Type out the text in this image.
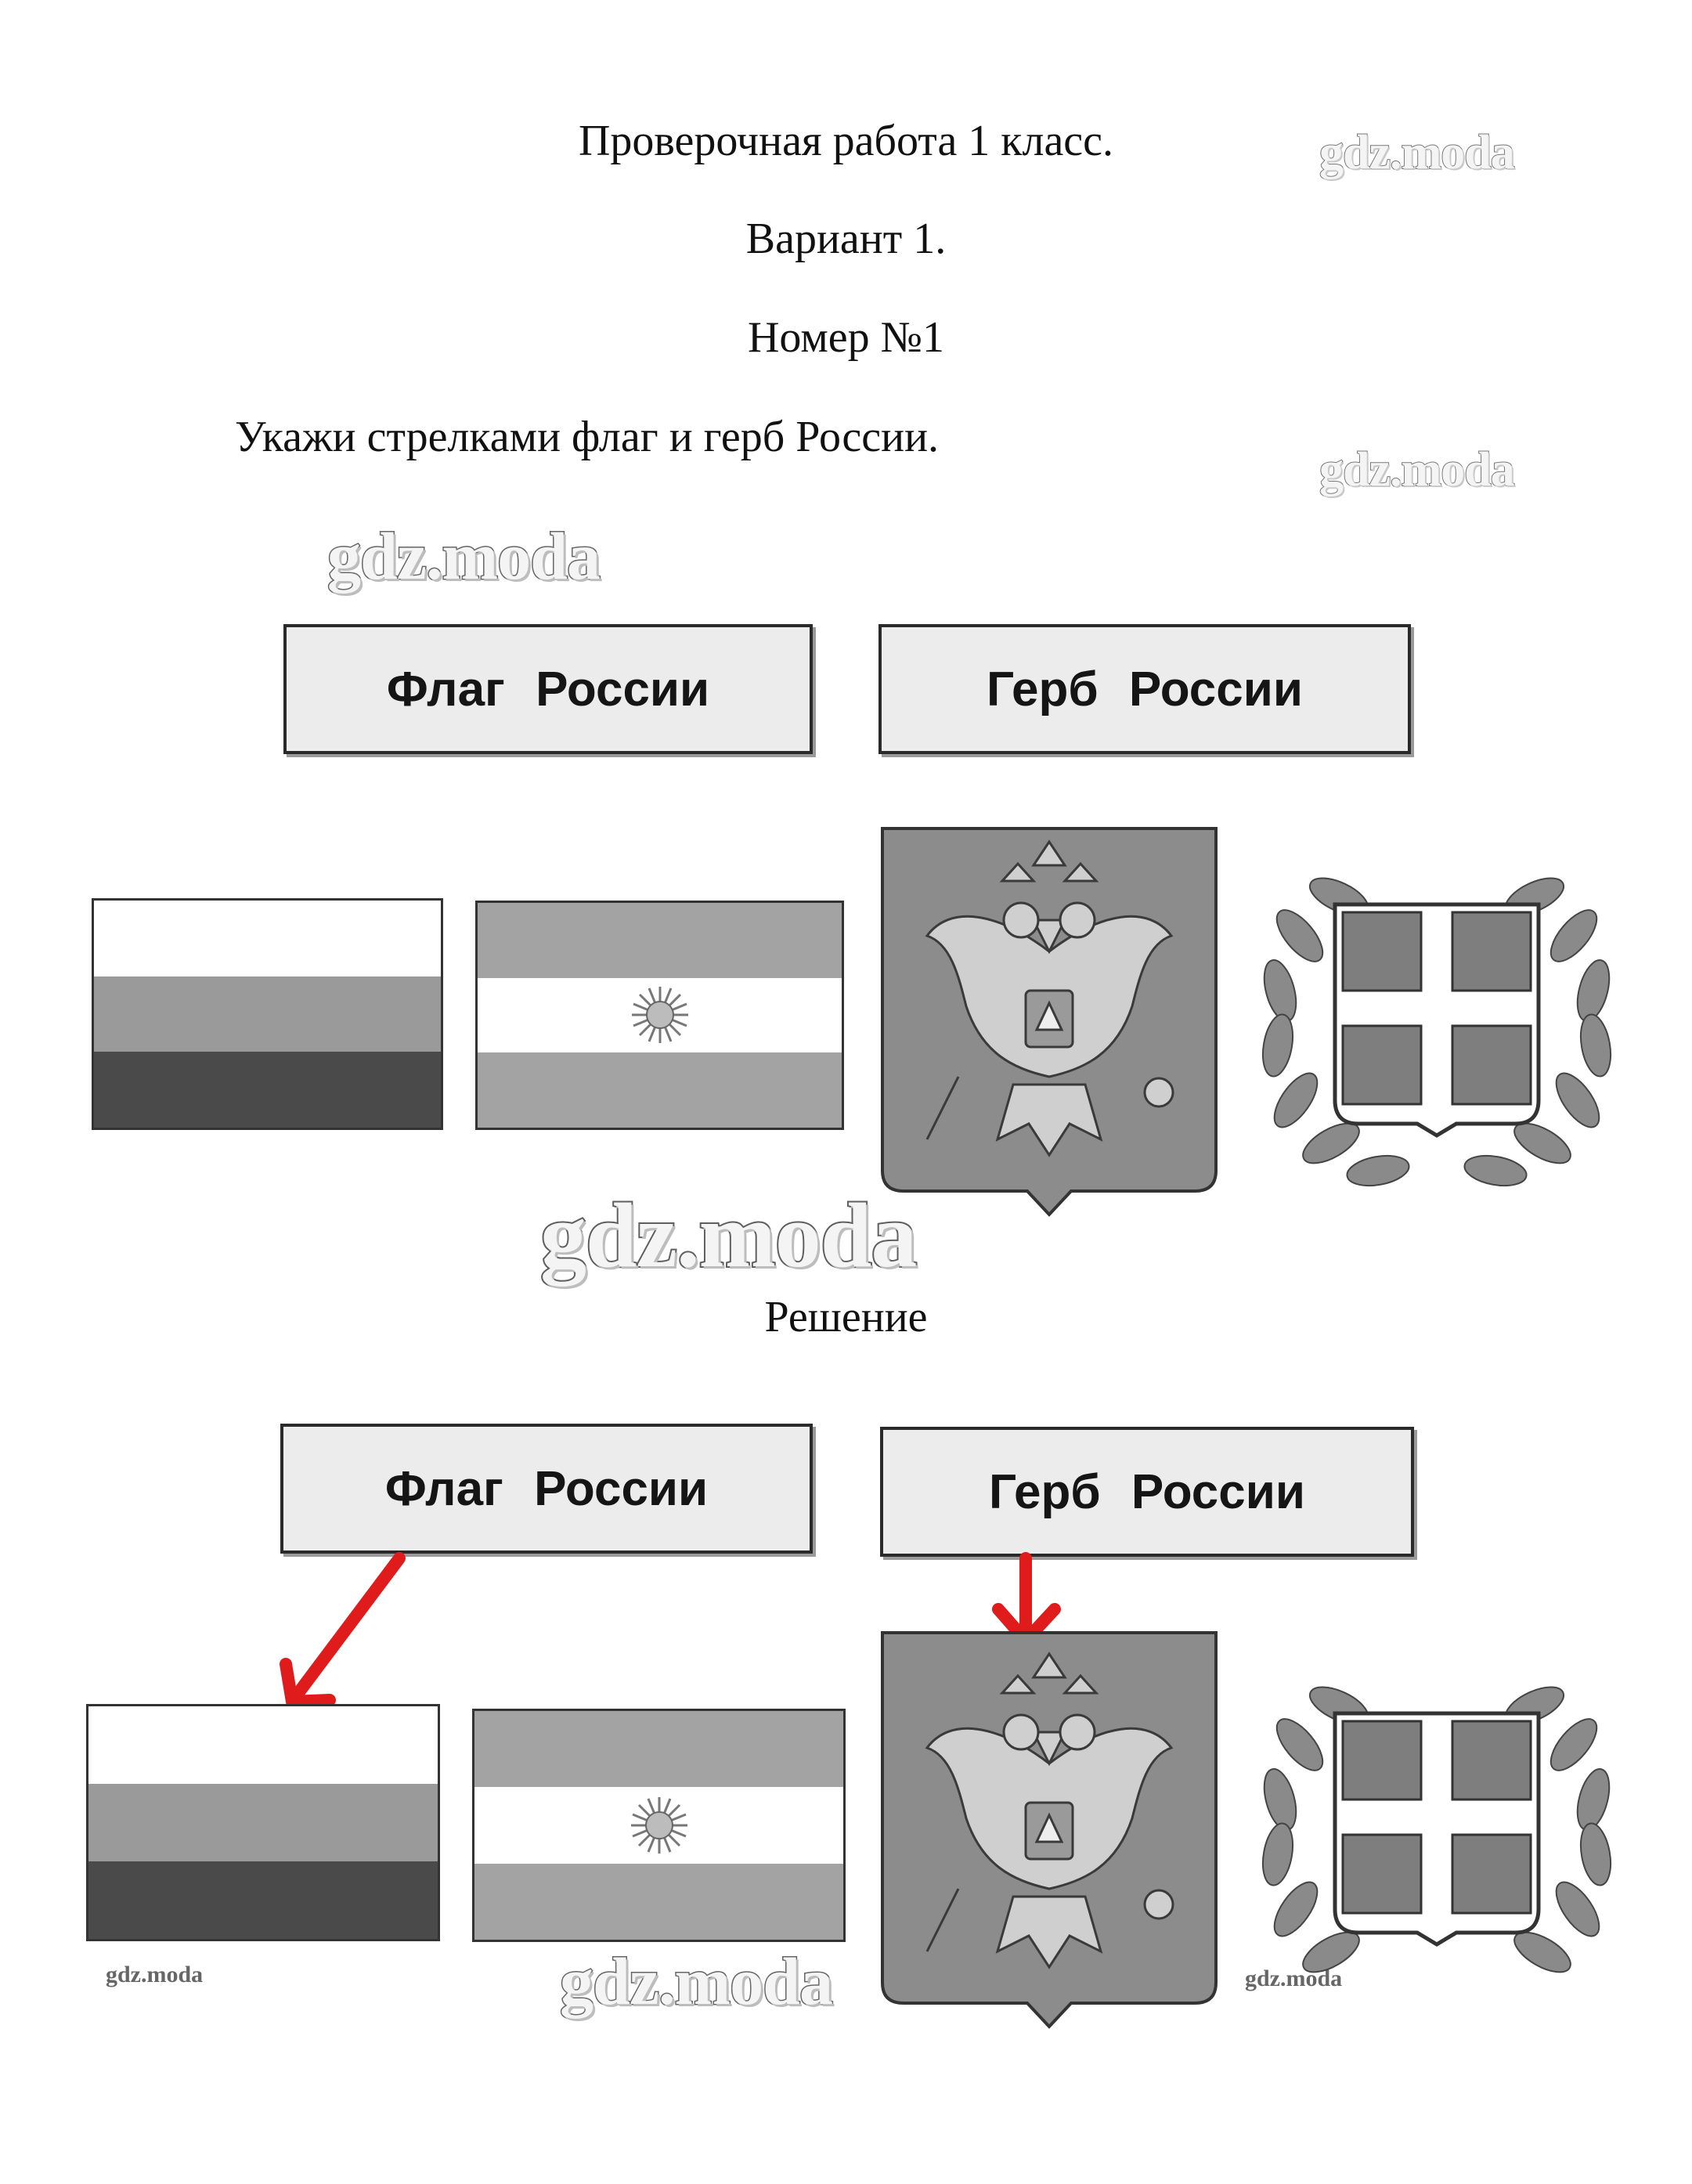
Проверочная работа 1 класс.
Вариант 1.
Номер №1
Укажи стрелками флаг и герб России.
gdz.moda
gdz.moda
gdz.moda
gdz.moda
gdz.moda
gdz.moda	gdz.moda
Флаг России	Герб России
Решение
Флаг России	Герб России
